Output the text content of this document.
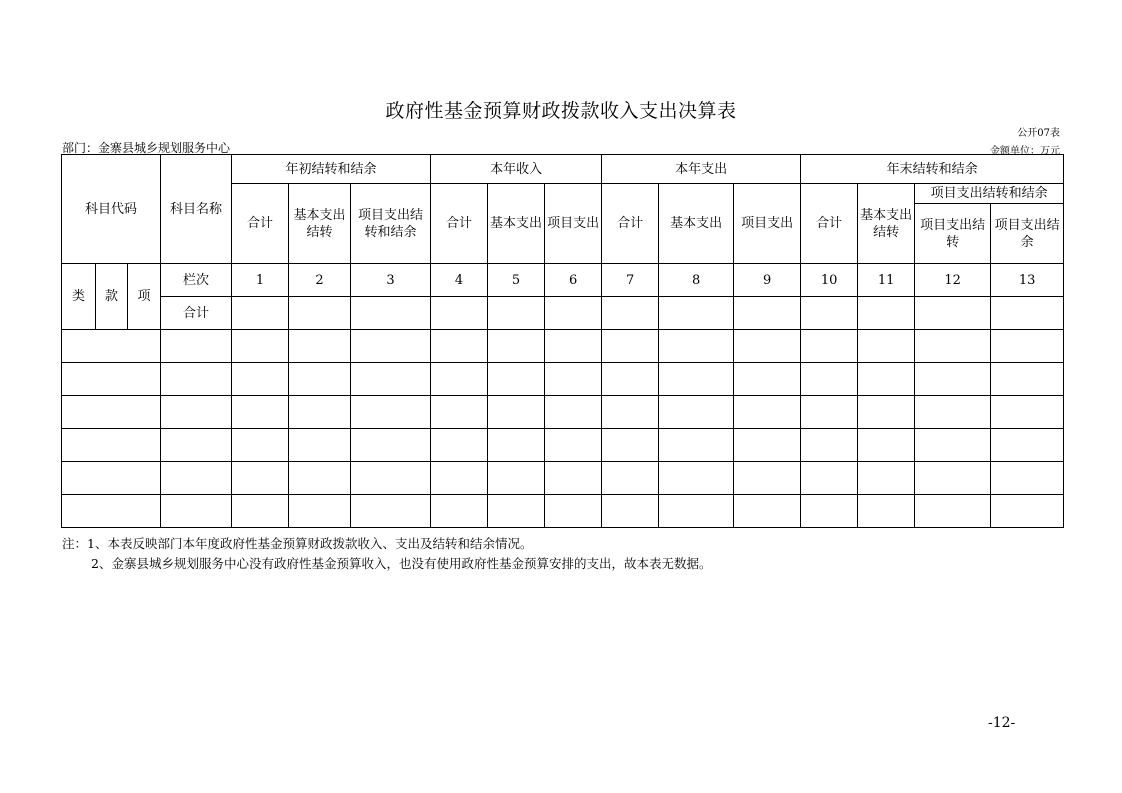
政府性基金预算财政拨款收入支出决算表
公开07表
部门：金寨县城乡规划服务中心	金额单位：万元
科目代码			科目名称	年初结转和结余			本年收入			本年支出			年末结转和结余			
				合计	基本支出结转	项目支出结转和结余	合计	基本支出	项目支出	合计	基本支出	项目支出	合计	基本支出结转	项目支出结转和结余	
															项目支出结转	项目支出结余
类	款	项	栏次	1	2	3	4	5	6	7	8	9	10	11	12	13
			合计													

注：1、本表反映部门本年度政府性基金预算财政拨款收入、支出及结转和结余情况。
2、金寨县城乡规划服务中心没有政府性基金预算收入，也没有使用政府性基金预算安排的支出，故本表无数据。
-12-
